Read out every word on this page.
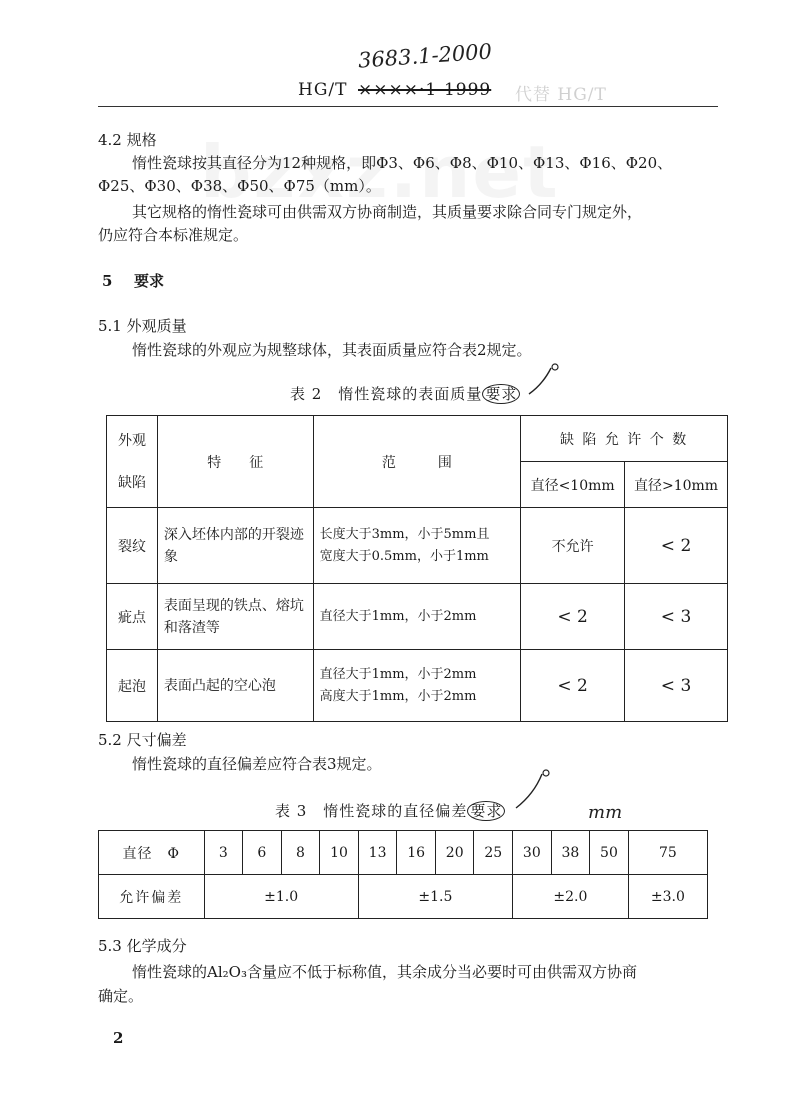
3683.1-2000
HG/T ××××·1-1999 代替 HG/T
4.2 规格
惰性瓷球按其直径分为12种规格，即Φ3、Φ6、Φ8、Φ10、Φ13、Φ16、Φ20、
Φ25、Φ30、Φ38、Φ50、Φ75（mm）。
其它规格的惰性瓷球可由供需双方协商制造，其质量要求除合同专门规定外，
仍应符合本标准规定。
5 要求
5.1 外观质量
惰性瓷球的外观应为规整球体，其表面质量应符合表2规定。
表 2　惰性瓷球的表面质量 要求
外观
缺陷	特　　征	范　　　围	缺 陷 允 许 个 数	
			直径<10mm	直径>10mm
裂纹	深入坯体内部的开裂迹象	长度大于3mm，小于5mm且
宽度大于0.5mm，小于1mm	不允许	< 2
疵点	表面呈现的铁点、熔坑和落渣等	直径大于1mm，小于2mm	< 2	< 3
起泡	表面凸起的空心泡	直径大于1mm，小于2mm
高度大于1mm，小于2mm	< 2	< 3
5.2 尺寸偏差
惰性瓷球的直径偏差应符合表3规定。
表 3　惰性瓷球的直径偏差 要求	mm
直径　Φ	3	6	8	10	13	16	20	25	30	38	50	75
允许偏差	±1.0				±1.5				±2.0			±3.0
5.3 化学成分
惰性瓷球的Al₂O₃含量应不低于标称值，其余成分当必要时可由供需双方协商
确定。
2
